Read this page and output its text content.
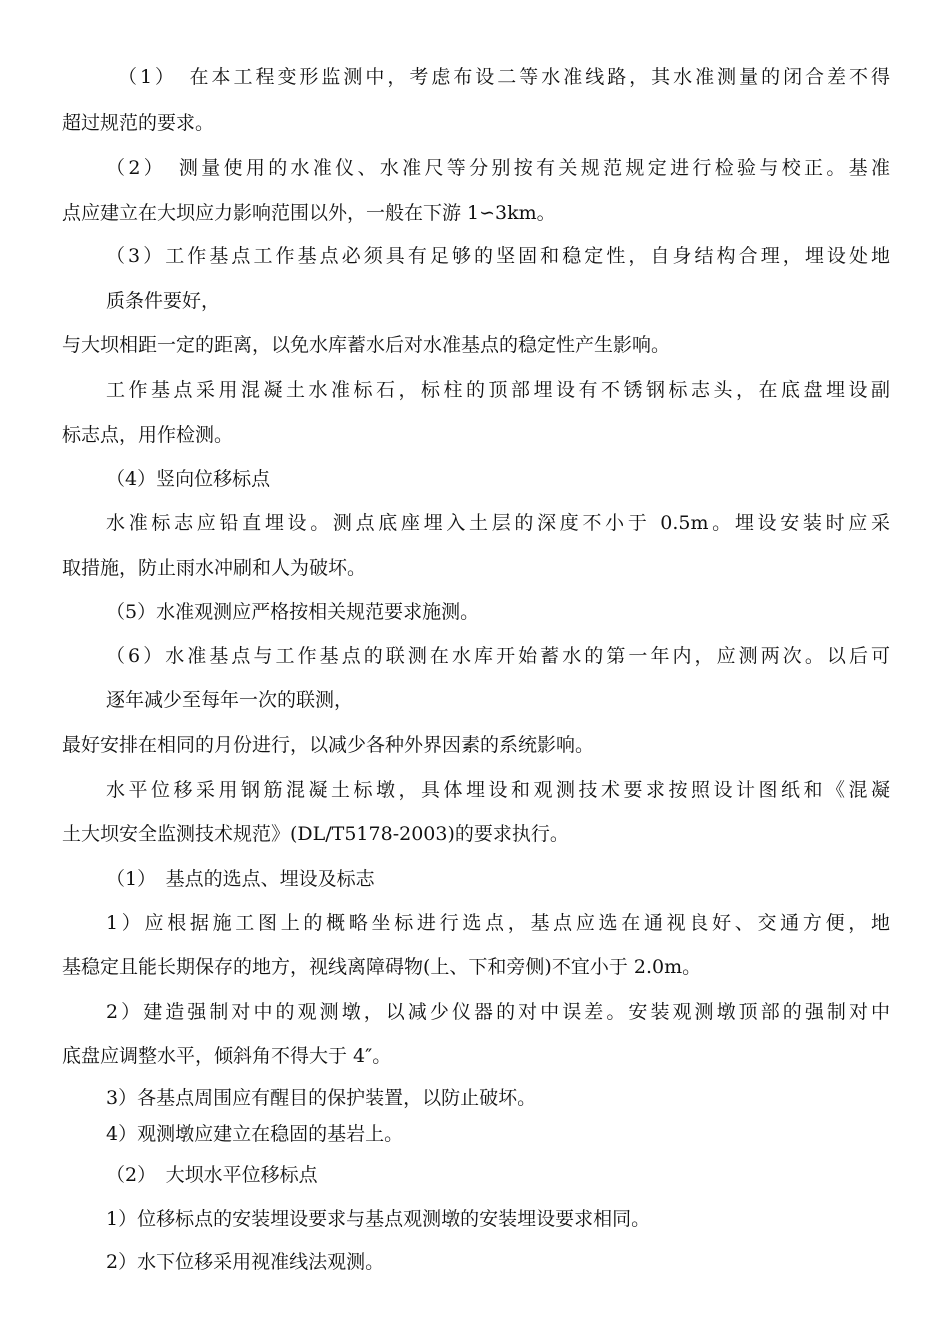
（1）　在本工程变形监测中，考虑布设二等水准线路，其水准测量的闭合差不得

超过规范的要求。

（2）　测量使用的水准仪、水准尺等分别按有关规范规定进行检验与校正。基准

点应建立在大坝应力影响范围以外，一般在下游 1∽3km。

（3）工作基点工作基点必须具有足够的坚固和稳定性，自身结构合理，埋设处地

质条件要好，

与大坝相距一定的距离，以免水库蓄水后对水准基点的稳定性产生影响。

工作基点采用混凝土水准标石，标柱的顶部埋设有不锈钢标志头，在底盘埋设副

标志点，用作检测。

（4）竖向位移标点

水准标志应铅直埋设。测点底座埋入土层的深度不小于 0.5m。埋设安装时应采

取措施，防止雨水冲刷和人为破坏。

（5）水准观测应严格按相关规范要求施测。

（6）水准基点与工作基点的联测在水库开始蓄水的第一年内，应测两次。以后可

逐年减少至每年一次的联测，

最好安排在相同的月份进行，以减少各种外界因素的系统影响。

水平位移采用钢筋混凝土标墩，具体埋设和观测技术要求按照设计图纸和《混凝

土大坝安全监测技术规范》(DL/T5178-2003)的要求执行。

（1）　基点的选点、埋设及标志

1）应根据施工图上的概略坐标进行选点，基点应选在通视良好、交通方便，地

基稳定且能长期保存的地方，视线离障碍物(上、下和旁侧)不宜小于 2.0m。

2）建造强制对中的观测墩，以减少仪器的对中误差。安装观测墩顶部的强制对中

底盘应调整水平，倾斜角不得大于 4″。

3）各基点周围应有醒目的保护装置，以防止破坏。

4）观测墩应建立在稳固的基岩上。

（2）　大坝水平位移标点

1）位移标点的安装埋设要求与基点观测墩的安装埋设要求相同。

2）水下位移采用视准线法观测。
